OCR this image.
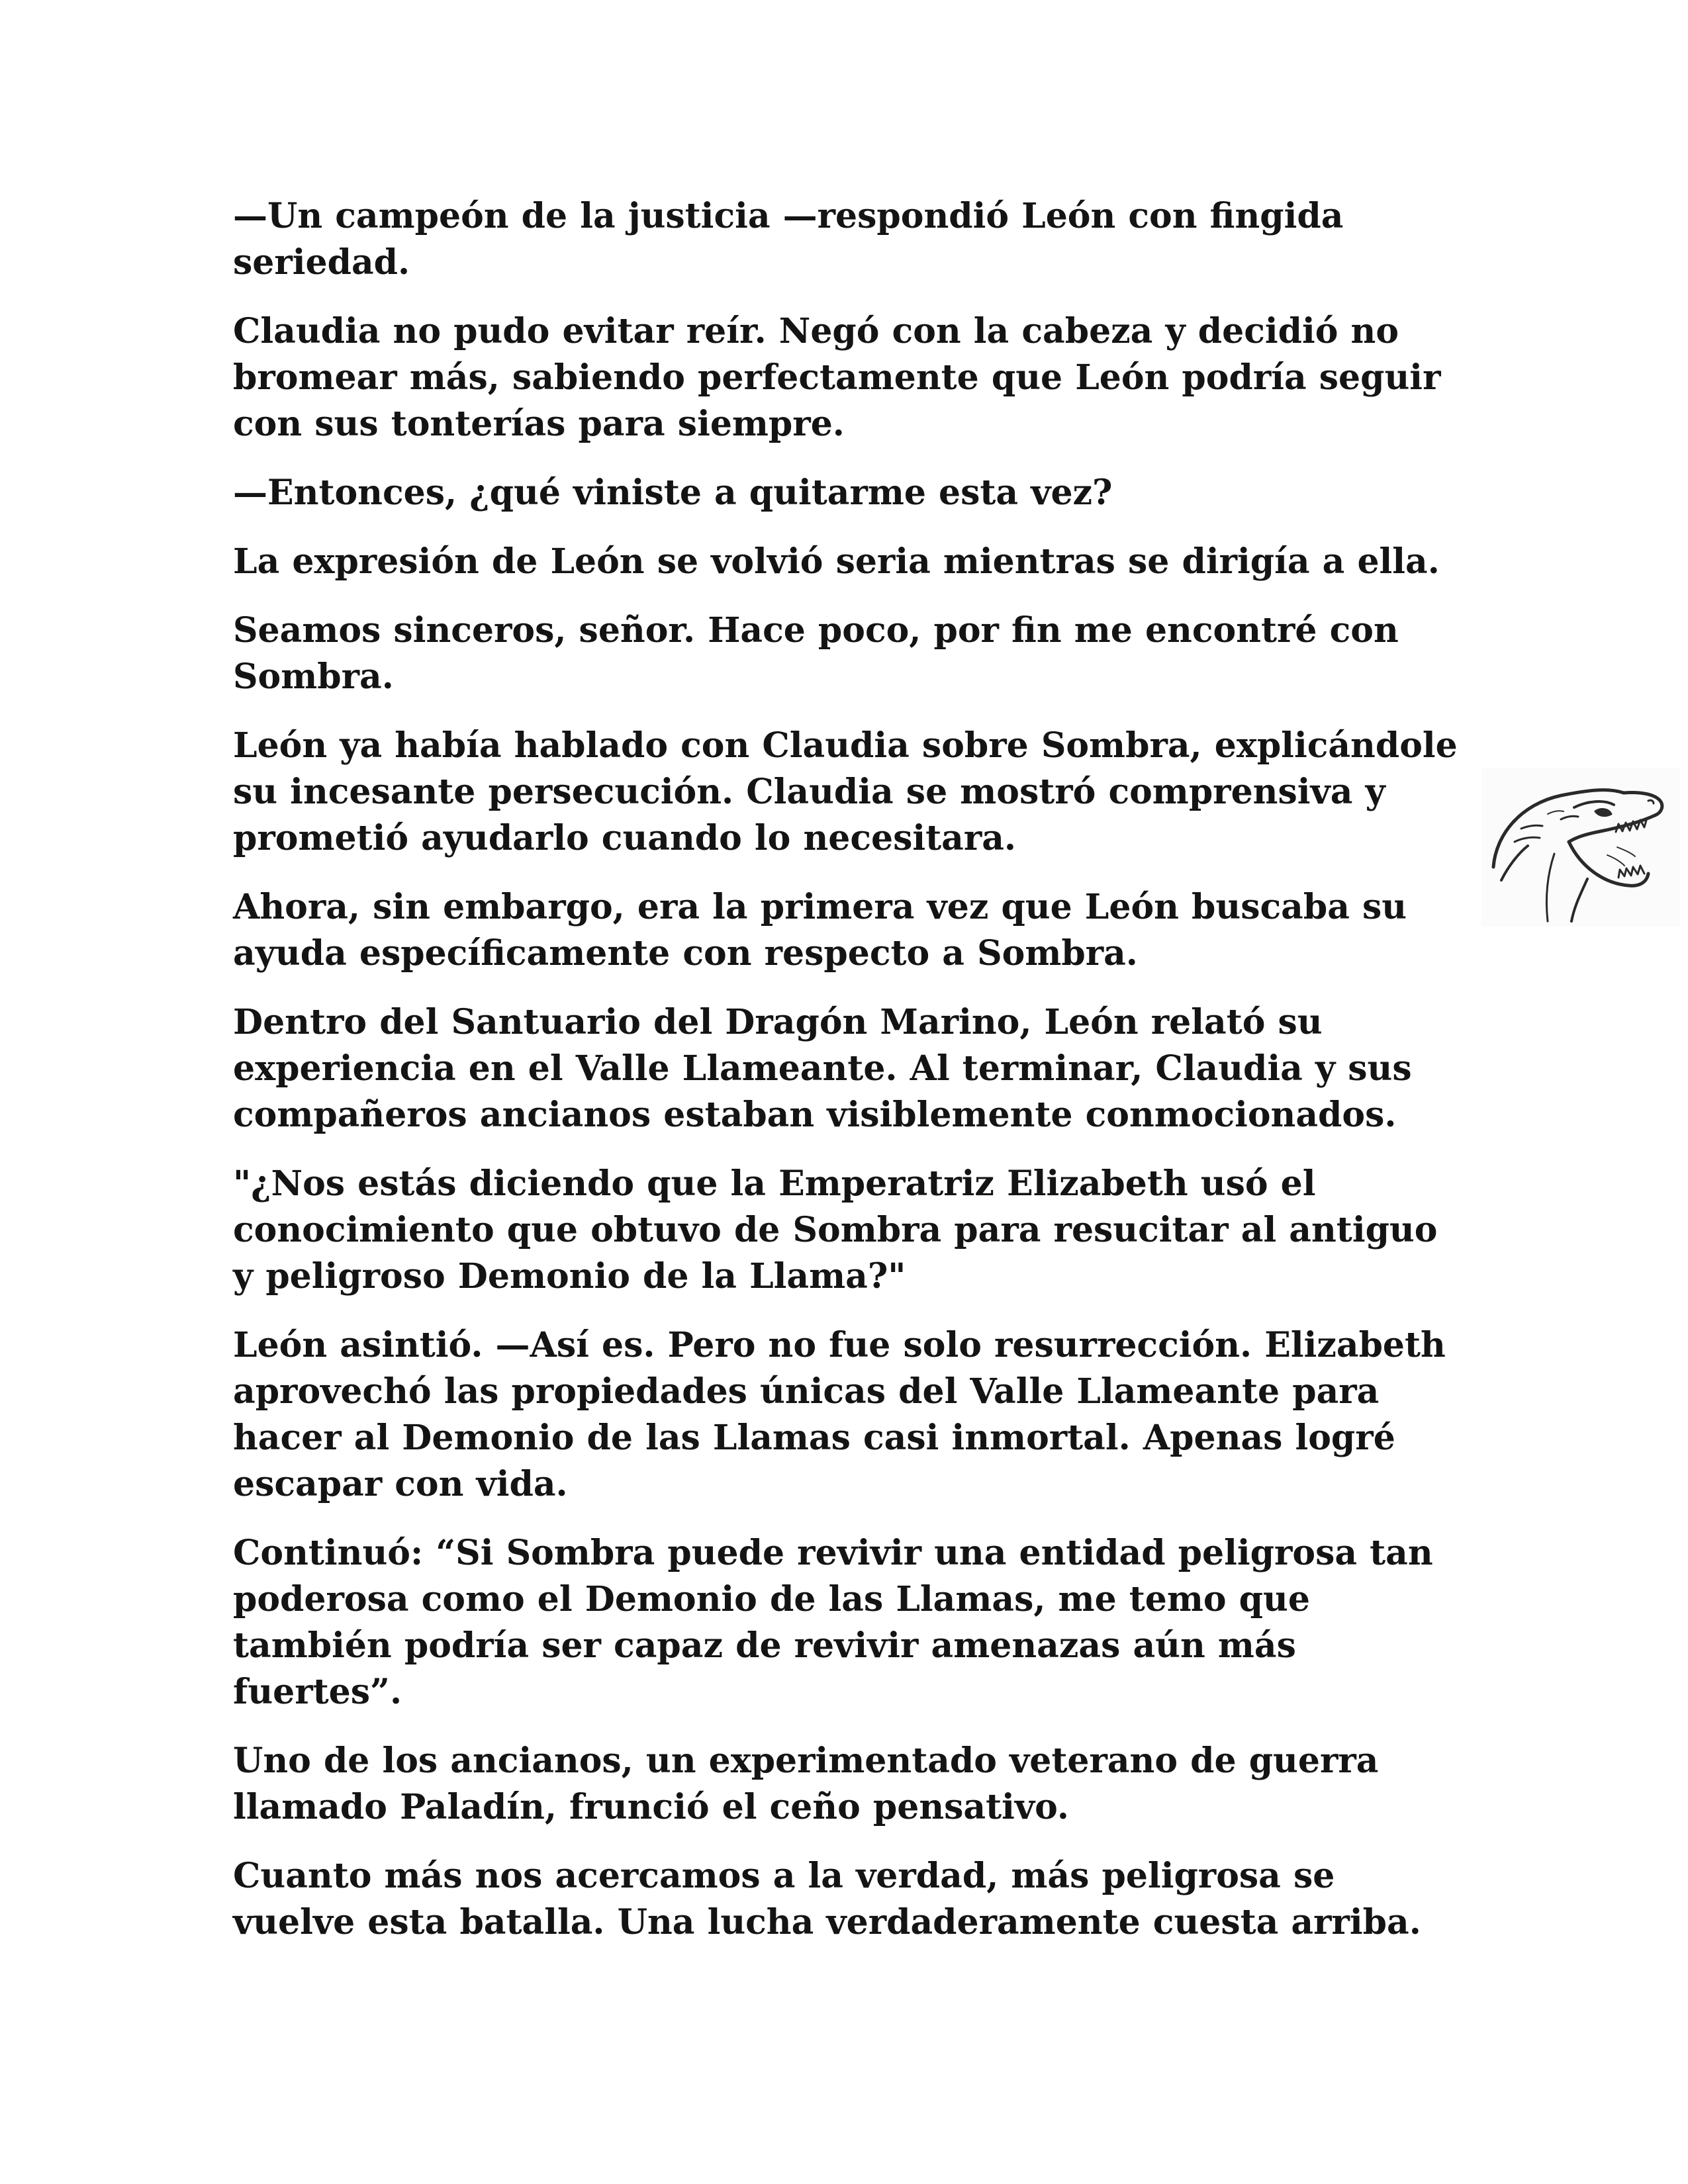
—Un campeón de la justicia —respondió León con fingida seriedad.

Claudia no pudo evitar reír. Negó con la cabeza y decidió no bromear más, sabiendo perfectamente que León podría seguir con sus tonterías para siempre.

—Entonces, ¿qué viniste a quitarme esta vez?

La expresión de León se volvió seria mientras se dirigía a ella.

Seamos sinceros, señor. Hace poco, por fin me encontré con Sombra.

León ya había hablado con Claudia sobre Sombra, explicándole su incesante persecución. Claudia se mostró comprensiva y prometió ayudarlo cuando lo necesitara.

Ahora, sin embargo, era la primera vez que León buscaba su ayuda específicamente con respecto a Sombra.

Dentro del Santuario del Dragón Marino, León relató su experiencia en el Valle Llameante. Al terminar, Claudia y sus compañeros ancianos estaban visiblemente conmocionados.

"¿Nos estás diciendo que la Emperatriz Elizabeth usó el conocimiento que obtuvo de Sombra para resucitar al antiguo y peligroso Demonio de la Llama?"

León asintió. —Así es. Pero no fue solo resurrección. Elizabeth aprovechó las propiedades únicas del Valle Llameante para hacer al Demonio de las Llamas casi inmortal. Apenas logré escapar con vida.

Continuó: “Si Sombra puede revivir una entidad peligrosa tan poderosa como el Demonio de las Llamas, me temo que también podría ser capaz de revivir amenazas aún más fuertes”.

Uno de los ancianos, un experimentado veterano de guerra llamado Paladín, frunció el ceño pensativo.

Cuanto más nos acercamos a la verdad, más peligrosa se vuelve esta batalla. Una lucha verdaderamente cuesta arriba.
